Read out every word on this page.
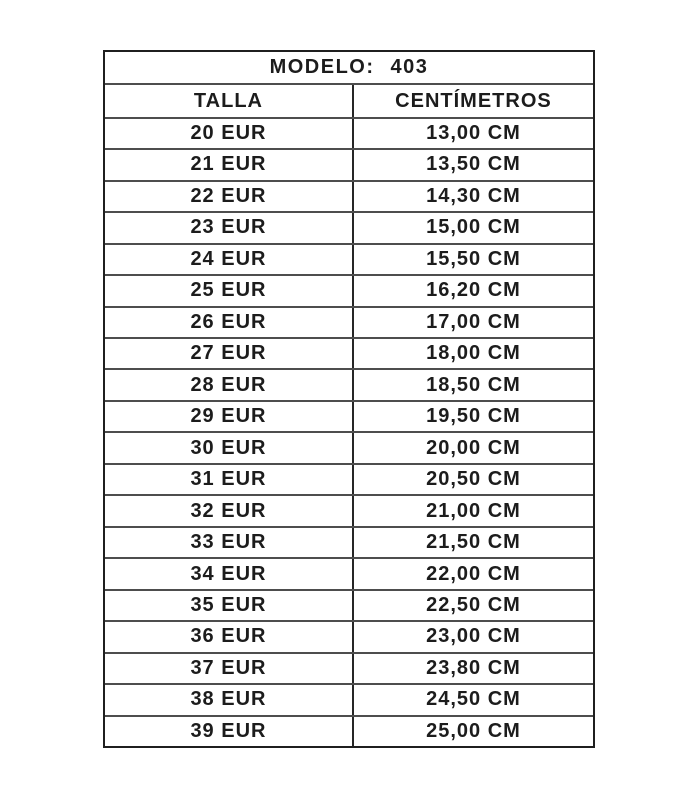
MODELO: 403
TALLA	CENTÍMETROS
20 EUR	13,00 CM
21 EUR	13,50 CM
22 EUR	14,30 CM
23 EUR	15,00 CM
24 EUR	15,50 CM
25 EUR	16,20 CM
26 EUR	17,00 CM
27 EUR	18,00 CM
28 EUR	18,50 CM
29 EUR	19,50 CM
30 EUR	20,00 CM
31 EUR	20,50 CM
32 EUR	21,00 CM
33 EUR	21,50 CM
34 EUR	22,00 CM
35 EUR	22,50 CM
36 EUR	23,00 CM
37 EUR	23,80 CM
38 EUR	24,50 CM
39 EUR	25,00 CM
